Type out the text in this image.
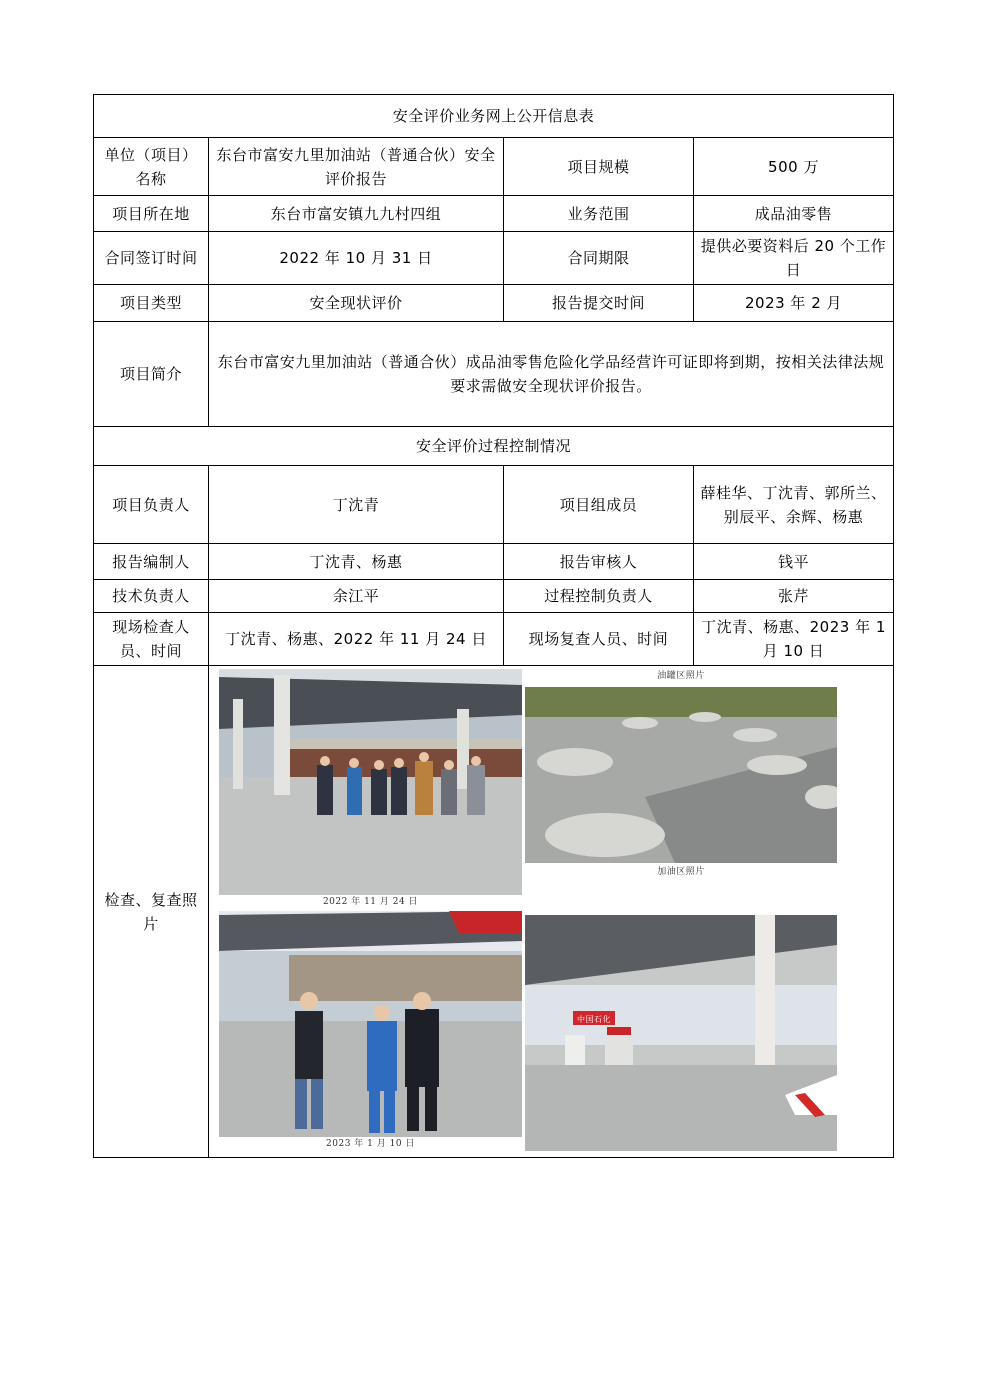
安全评价业务网上公开信息表			
单位（项目）名称	东台市富安九里加油站（普通合伙）安全评价报告	项目规模	500 万
项目所在地	东台市富安镇九九村四组	业务范围	成品油零售
合同签订时间	2022 年 10 月 31 日	合同期限	提供必要资料后 20 个工作日
项目类型	安全现状评价	报告提交时间	2023 年 2 月
项目简介	东台市富安九里加油站（普通合伙）成品油零售危险化学品经营许可证即将到期，按相关法律法规要求需做安全现状评价报告。		
安全评价过程控制情况			
项目负责人	丁沈青	项目组成员	薛桂华、丁沈青、郭所兰、别辰平、余辉、杨惠
报告编制人	丁沈青、杨惠	报告审核人	钱平
技术负责人	余江平	过程控制负责人	张芹
现场检查人员、时间	丁沈青、杨惠、2022 年 11 月 24 日	现场复查人员、时间	丁沈青、杨惠、2023 年 1 月 10 日
检查、复查照片	2022 年 11 月 24 日
油罐区照片
加油区照片
2023 年 1 月 10 日
中国石化		
